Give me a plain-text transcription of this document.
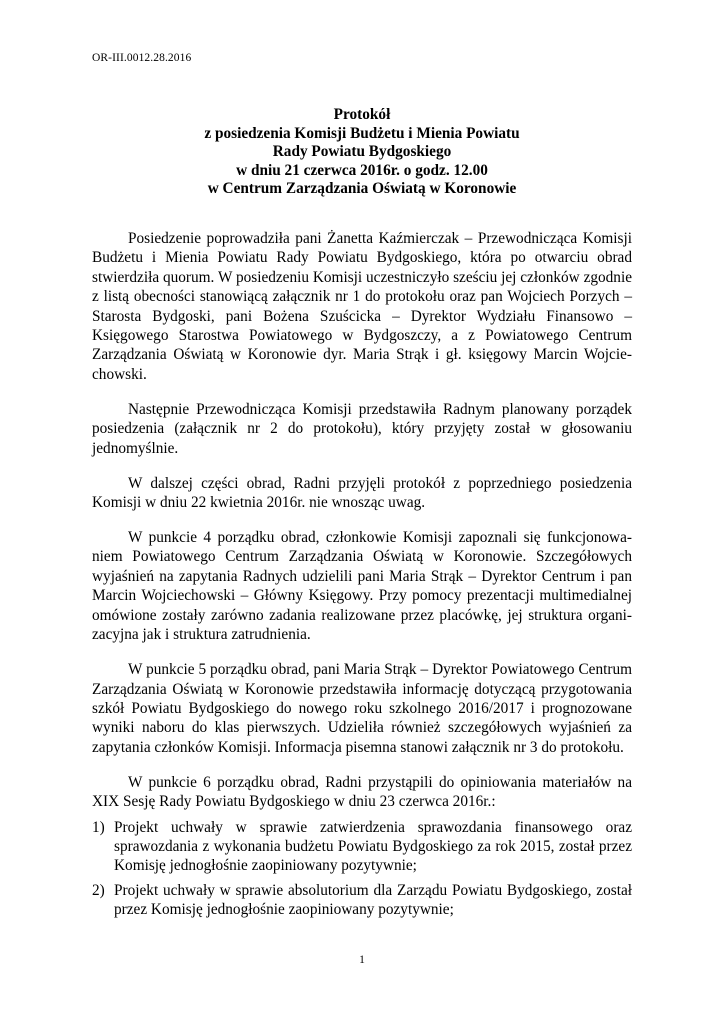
OR-III.0012.28.2016
Protokół
z posiedzenia Komisji Budżetu i Mienia Powiatu
Rady Powiatu Bydgoskiego
w dniu 21 czerwca 2016r. o godz. 12.00
w Centrum Zarządzania Oświatą w Koronowie

Posiedzenie poprowadziła pani Żanetta Kaźmierczak – Przewodnicząca Komisji Budżetu i Mienia Powiatu Rady Powiatu Bydgoskiego, która po otwarciu obrad stwierdziła quorum. W posiedzeniu Komisji uczestniczyło sześciu jej członków zgodnie z listą obecności stanowiącą załącznik nr 1 do protokołu oraz pan Wojciech Porzych – Starosta Bydgoski, pani Bożena Szuścicka – Dyrektor Wydziału Finansowo – Księgowego Starostwa Powiatowego w Bydgoszczy, a z Powiatowego Centrum Zarządzania Oświatą w Koronowie dyr. Maria Strąk i gł. księgowy Marcin Wojciechowski.

Następnie Przewodnicząca Komisji przedstawiła Radnym planowany porządek posiedzenia (załącznik nr 2 do protokołu), który przyjęty został w głosowaniu jednomyślnie.

W dalszej części obrad, Radni przyjęli protokół z poprzedniego posiedzenia Komisji w dniu 22 kwietnia 2016r. nie wnosząc uwag.

W punkcie 4 porządku obrad, członkowie Komisji zapoznali się funkcjonowaniem Powiatowego Centrum Zarządzania Oświatą w Koronowie. Szczegółowych wyjaśnień na zapytania Radnych udzielili pani Maria Strąk – Dyrektor Centrum i pan Marcin Wojciechowski – Główny Księgowy. Przy pomocy prezentacji multimedialnej omówione zostały zarówno zadania realizowane przez placówkę, jej struktura organizacyjna jak i struktura zatrudnienia.

W punkcie 5 porządku obrad, pani Maria Strąk – Dyrektor Powiatowego Centrum Zarządzania Oświatą w Koronowie przedstawiła informację dotyczącą przygotowania szkół Powiatu Bydgoskiego do nowego roku szkolnego 2016/2017 i prognozowane wyniki naboru do klas pierwszych. Udzieliła również szczegółowych wyjaśnień za zapytania członków Komisji. Informacja pisemna stanowi załącznik nr 3 do protokołu.

W punkcie 6 porządku obrad, Radni przystąpili do opiniowania materiałów na XIX Sesję Rady Powiatu Bydgoskiego w dniu 23 czerwca 2016r.:

1) Projekt uchwały w sprawie zatwierdzenia sprawozdania finansowego oraz sprawozdania z wykonania budżetu Powiatu Bydgoskiego za rok 2015, został przez Komisję jednogłośnie zaopiniowany pozytywnie;
2) Projekt uchwały w sprawie absolutorium dla Zarządu Powiatu Bydgoskiego, został przez Komisję jednogłośnie zaopiniowany pozytywnie;
1
